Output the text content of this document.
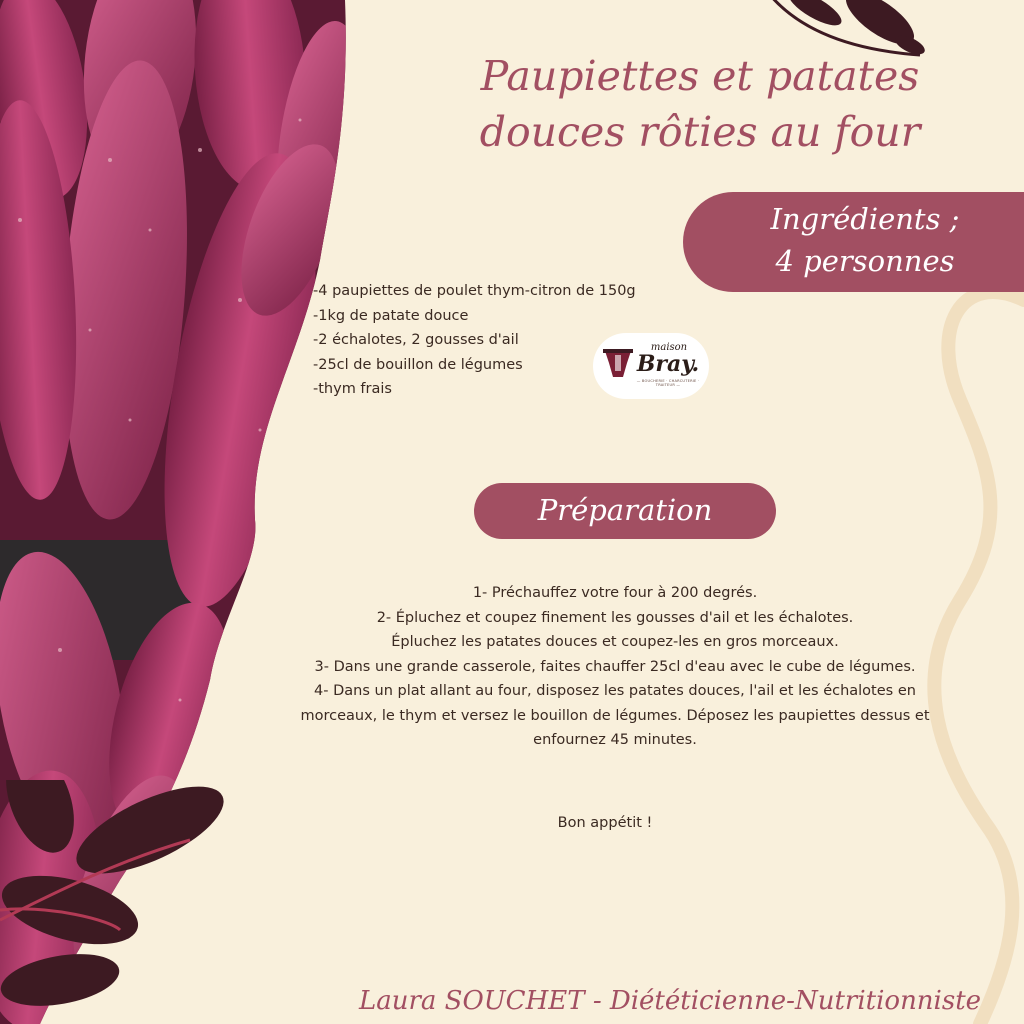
Paupiettes et patates
douces rôties au four
Ingrédients ;
4 personnes
-4 paupiettes de poulet thym-citron de 150g
-1kg de patate douce
-2 échalotes, 2 gousses d'ail
-25cl de bouillon de légumes
-thym frais
maison
Bray.
— BOUCHERIE · CHARCUTERIE · TRAITEUR —
Préparation
1- Préchauffez votre four à 200 degrés.
2- Épluchez et coupez finement les gousses d'ail et les échalotes.
Épluchez les patates douces et coupez-les en gros morceaux.
3- Dans une grande casserole, faites chauffer 25cl d'eau avec le cube de légumes.
4- Dans un plat allant au four, disposez les patates douces, l'ail et les échalotes en
morceaux, le thym et versez le bouillon de légumes. Déposez les paupiettes dessus et
enfournez 45 minutes.
Bon appétit !

Laura SOUCHET - Diététicienne-Nutritionniste
